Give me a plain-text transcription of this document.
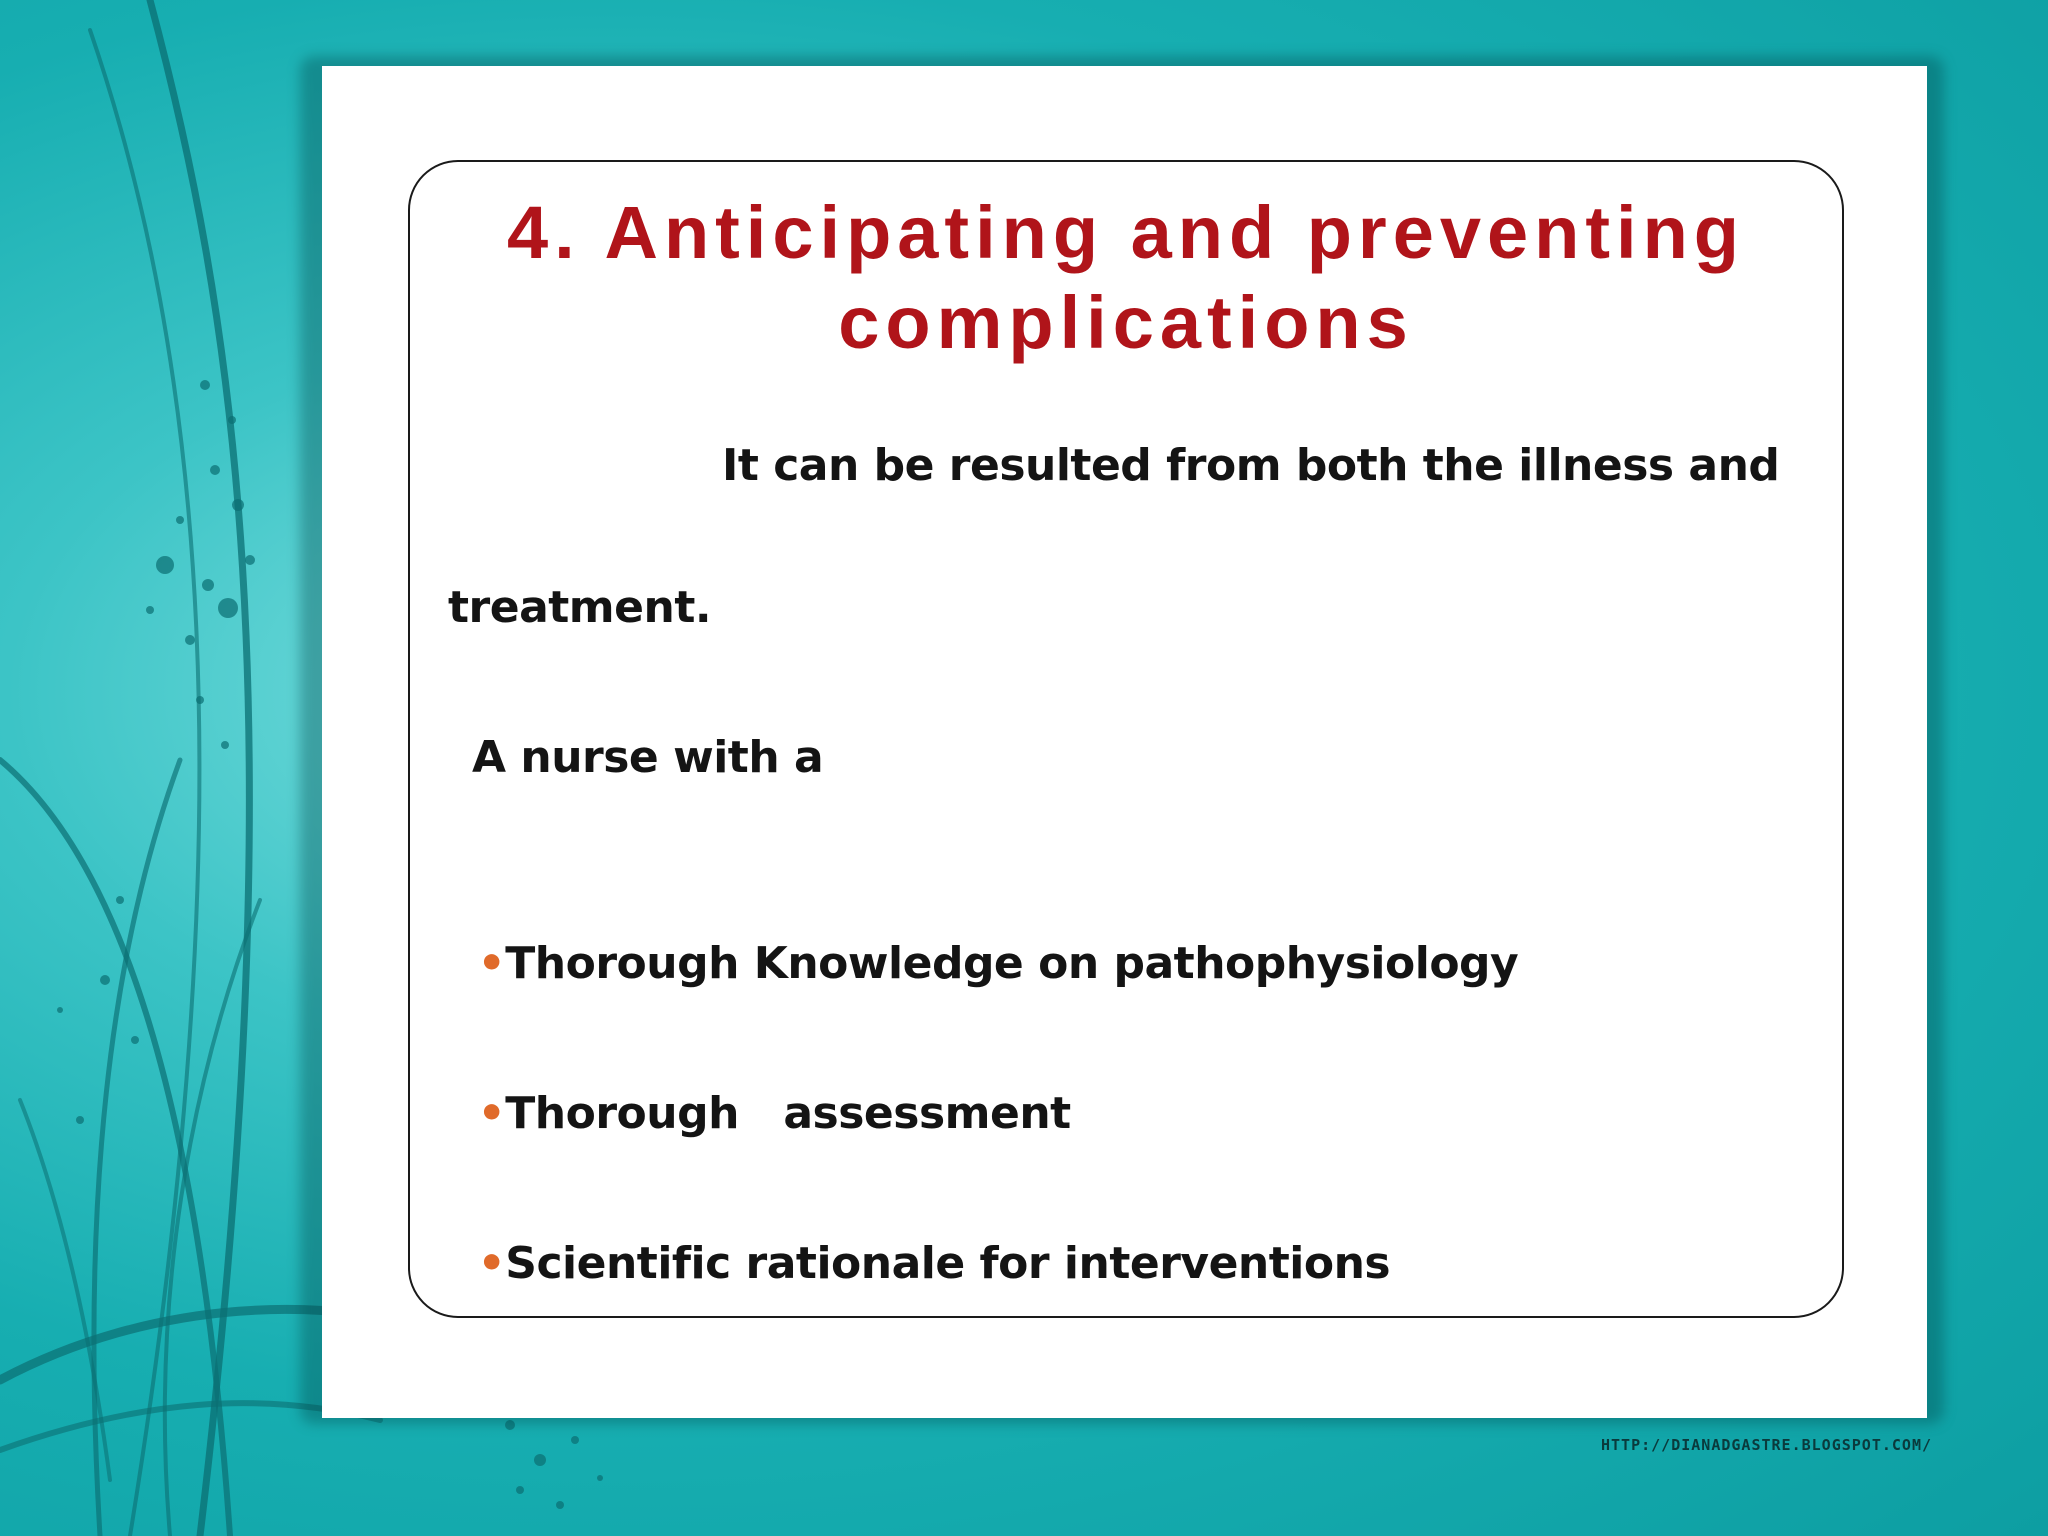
4. Anticipating and preventing
complications
It can be resulted from both the illness and
treatment.
A nurse with a

•Thorough Knowledge on pathophysiology

•Thorough   assessment

•Scientific rationale for interventions

HTTP://DIANADGASTRE.BLOGSPOT.COM/
